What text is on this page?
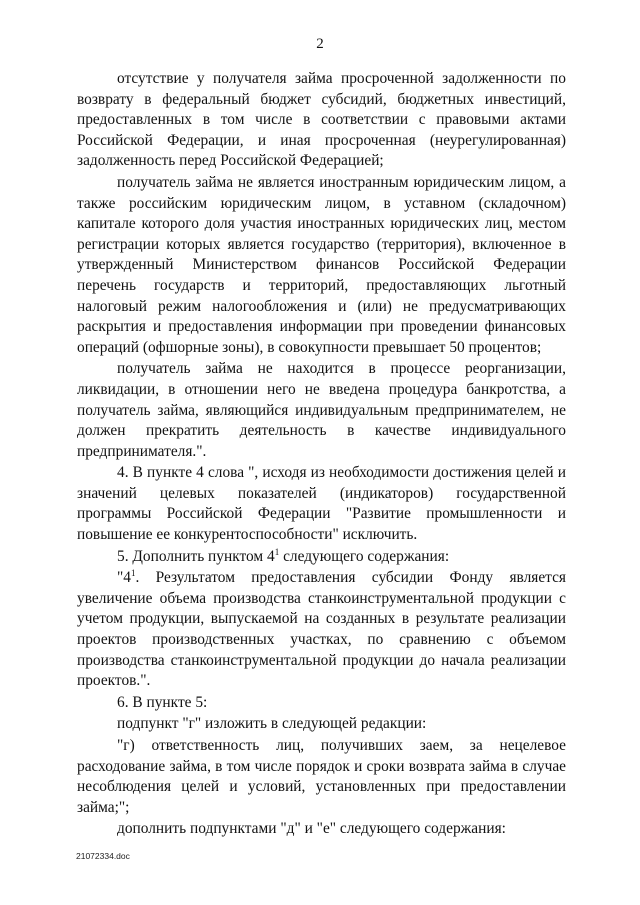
2

отсутствие у получателя займа просроченной задолженности по возврату в федеральный бюджет субсидий, бюджетных инвестиций, предоставленных в том числе в соответствии с правовыми актами Российской Федерации, и иная просроченная (неурегулированная) задолженность перед Российской Федерацией;

получатель займа не является иностранным юридическим лицом, а также российским юридическим лицом, в уставном (складочном) капитале которого доля участия иностранных юридических лиц, местом регистрации которых является государство (территория), включенное в утвержденный Министерством финансов Российской Федерации перечень государств и территорий, предоставляющих льготный налоговый режим налогообложения и (или) не предусматривающих раскрытия и предоставления информации при проведении финансовых операций (офшорные зоны), в совокупности превышает 50 процентов;

получатель займа не находится в процессе реорганизации, ликвидации, в отношении него не введена процедура банкротства, а получатель займа, являющийся индивидуальным предпринимателем, не должен прекратить деятельность в качестве индивидуального предпринимателя.".

4. В пункте 4 слова ", исходя из необходимости достижения целей и значений целевых показателей (индикаторов) государственной программы Российской Федерации "Развитие промышленности и повышение ее конкурентоспособности" исключить.

5. Дополнить пунктом $4^1$ следующего содержания:

"$4^1$. Результатом предоставления субсидии Фонду является увеличение объема производства станкоинструментальной продукции с учетом продукции, выпускаемой на созданных в результате реализации проектов производственных участках, по сравнению с объемом производства станкоинструментальной продукции до начала реализации проектов.".

6. В пункте 5:

подпункт "г" изложить в следующей редакции:

"г) ответственность лиц, получивших заем, за нецелевое расходование займа, в том числе порядок и сроки возврата займа в случае несоблюдения целей и условий, установленных при предоставлении займа;";

дополнить подпунктами "д" и "е" следующего содержания:

21072334.doc
